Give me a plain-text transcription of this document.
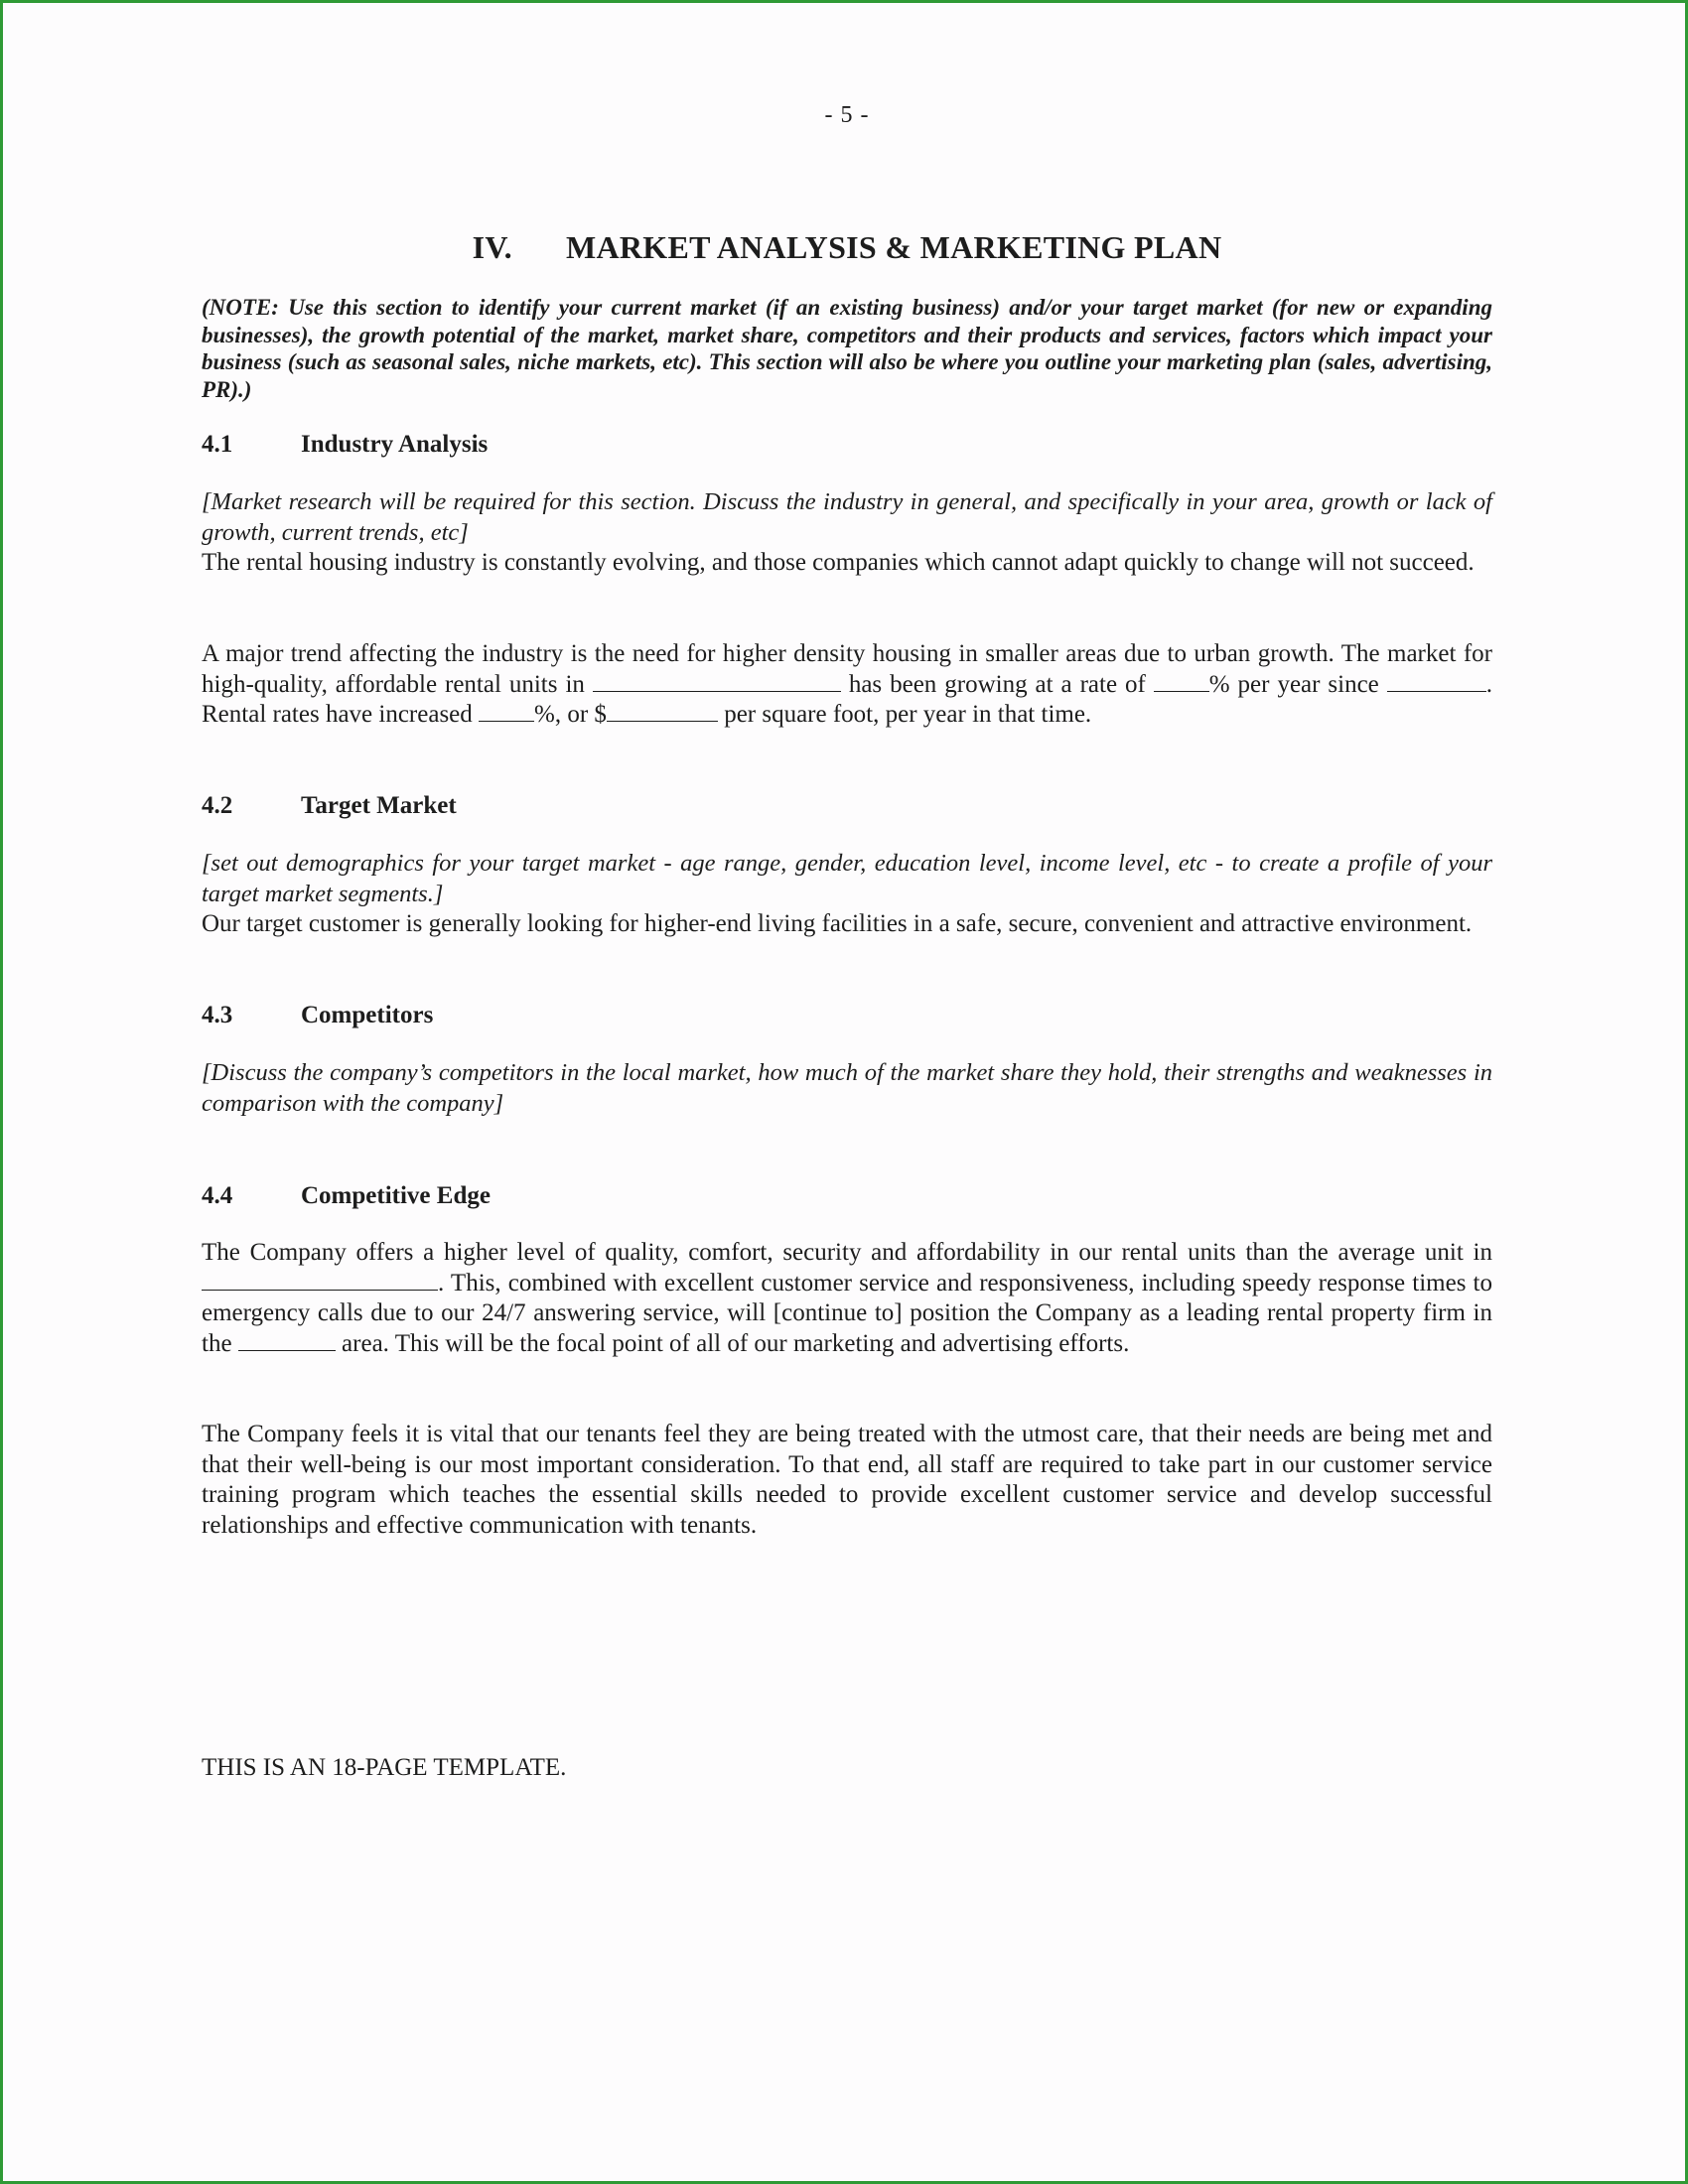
- 5 -
IV. MARKET ANALYSIS & MARKETING PLAN
(NOTE: Use this section to identify your current market (if an existing business) and/or your target market (for new or expanding businesses), the growth potential of the market, market share, competitors and their products and services, factors which impact your business (such as seasonal sales, niche markets, etc). This section will also be where you outline your marketing plan (sales, advertising, PR).)
4.1	Industry Analysis
[Market research will be required for this section. Discuss the industry in general, and specifically in your area, growth or lack of growth, current trends, etc]
The rental housing industry is constantly evolving, and those companies which cannot adapt quickly to change will not succeed.
A major trend affecting the industry is the need for higher density housing in smaller areas due to urban growth. The market for high-quality, affordable rental units in	has been growing at a rate of % per year since	. Rental rates have increased %, or $	per square foot, per year in that time.
4.2	Target Market
[set out demographics for your target market - age range, gender, education level, income level, etc - to create a profile of your target market segments.]
Our target customer is generally looking for higher-end living facilities in a safe, secure, convenient and attractive environment.
4.3	Competitors
[Discuss the company’s competitors in the local market, how much of the market share they hold, their strengths and weaknesses in comparison with the company]
4.4	Competitive Edge
The Company offers a higher level of quality, comfort, security and affordability in our rental units than the average unit in . This, combined with excellent customer service and responsiveness, including speedy response times to emergency calls due to our 24/7 answering service, will [continue to] position the Company as a leading rental property firm in the	area. This will be the focal point of all of our marketing and advertising efforts.
The Company feels it is vital that our tenants feel they are being treated with the utmost care, that their needs are being met and that their well-being is our most important consideration. To that end, all staff are required to take part in our customer service training program which teaches the essential skills needed to provide excellent customer service and develop successful relationships and effective communication with tenants.
THIS IS AN 18-PAGE TEMPLATE.
